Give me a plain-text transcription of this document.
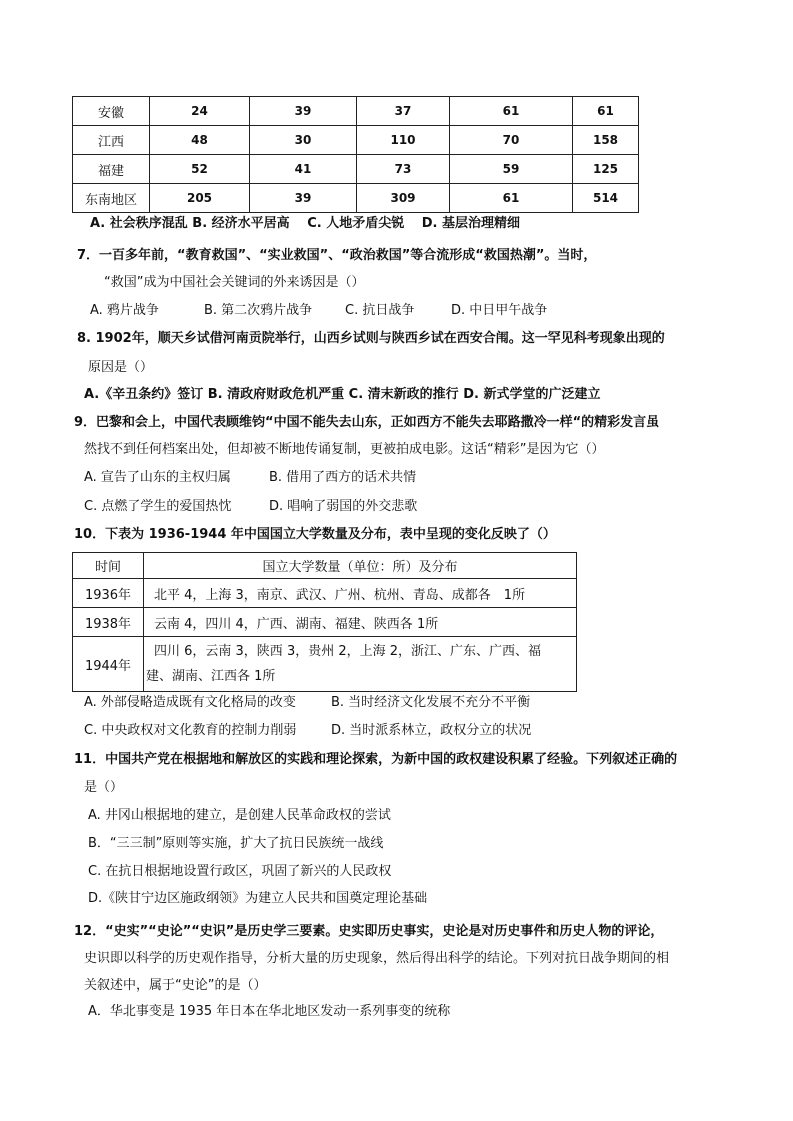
安徽	24	39	37	61	61
江西	48	30	110	70	158
福建	52	41	73	59	125
东南地区	205	39	309	61	514
A. 社会秩序混乱 B. 经济水平居高　 C. 人地矛盾尖锐　 D. 基层治理精细
7．一百多年前，“教育救国”、“实业救国”、“政治救国”等合流形成“救国热潮”。当时，
“救国”成为中国社会关键词的外来诱因是（）
A. 鸦片战争	B. 第二次鸦片战争	C. 抗日战争	D. 中日甲午战争
8. 1902年，顺天乡试借河南贡院举行，山西乡试则与陕西乡试在西安合闱。这一罕见科考现象出现的
原因是（）
A.《辛丑条约》签订 B. 清政府财政危机严重 C. 清末新政的推行 D. 新式学堂的广泛建立
9．巴黎和会上，中国代表顾维钧“中国不能失去山东，正如西方不能失去耶路撒冷一样“的精彩发言虽
然找不到任何档案出处，但却被不断地传诵复制，更被拍成电影。这话“精彩”是因为它（）
A. 宣告了山东的主权归属	B. 借用了西方的话术共情
C. 点燃了学生的爱国热忱	D. 唱响了弱国的外交悲歌
10．下表为 1936-1944 年中国国立大学数量及分布，表中呈现的变化反映了（）
时间	国立大学数量（单位：所）及分布
1936年	北平 4，上海 3，南京、武汉、广州、杭州、青岛、成都各　1所
1938年	云南 4，四川 4，广西、湖南、福建、陕西各 1所
1944年	四川 6，云南 3，陕西 3，贵州 2，上海 2，浙江、广东、广西、福
建、湖南、江西各 1所
A. 外部侵略造成既有文化格局的改变	B. 当时经济文化发展不充分不平衡
C. 中央政权对文化教育的控制力削弱	D. 当时派系林立，政权分立的状况
11．中国共产党在根据地和解放区的实践和理论探索，为新中国的政权建设积累了经验。下列叙述正确的
是（）
A. 井冈山根据地的建立，是创建人民革命政权的尝试
B．“三三制”原则等实施，扩大了抗日民族统一战线
C. 在抗日根据地设置行政区，巩固了新兴的人民政权
D.《陕甘宁边区施政纲领》为建立人民共和国奠定理论基础
12．“史实”“史论”“史识”是历史学三要素。史实即历史事实，史论是对历史事件和历史人物的评论，
史识即以科学的历史观作指导，分析大量的历史现象，然后得出科学的结论。下列对抗日战争期间的相
关叙述中，属于“史论”的是（）
A．华北事变是 1935 年日本在华北地区发动一系列事变的统称
